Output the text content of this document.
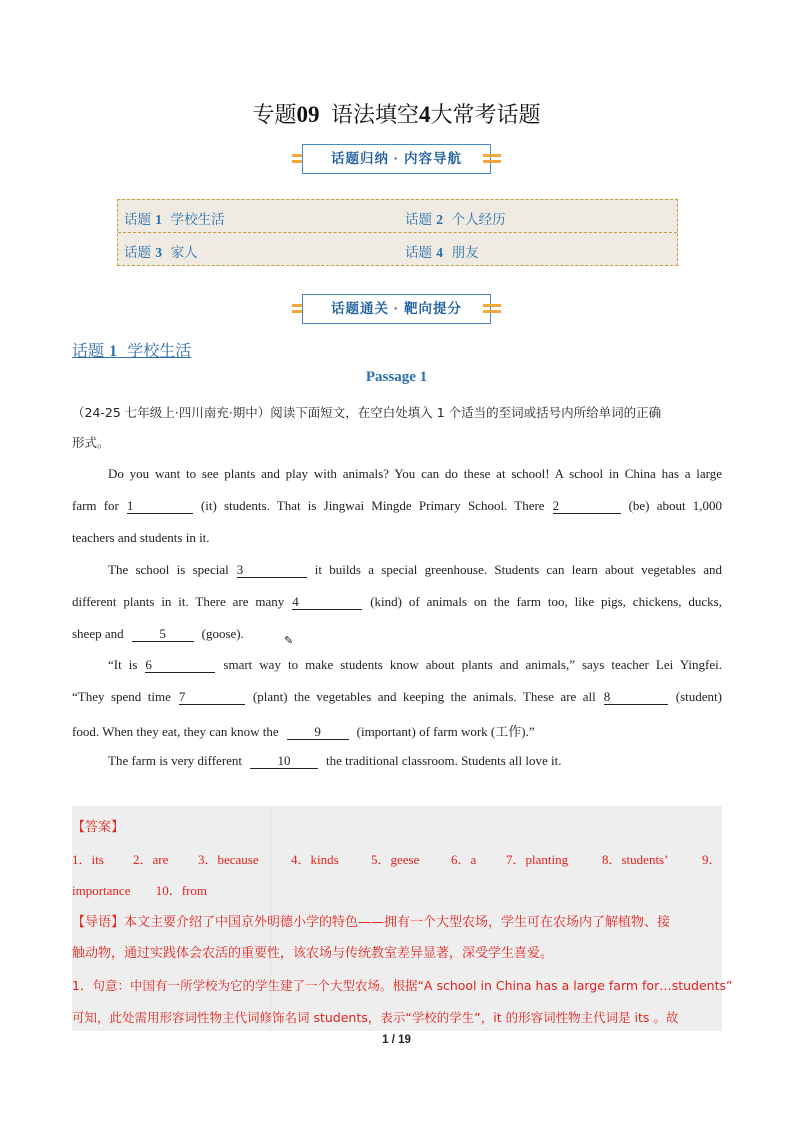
专题09 语法填空4大常考话题
话题归纳 · 内容导航
话题 1 学校生活	话题 2 个人经历
话题 3 家人	话题 4 朋友
话题通关 · 靶向提分
话题 1 学校生活
Passage 1
（24-25 七年级上·四川南充·期中）阅读下面短文，在空白处填入 1 个适当的至词或括号内所给单词的正确
形式。
Do you want to see plants and play with animals? You can do these at school! A school in China has a large
farm for 1	(it) students. That is Jingwai Mingde Primary School. There 2	(be) about 1,000
teachers and students in it.
The school is special 3	it builds a special greenhouse. Students can learn about vegetables and
different plants in it. There are many 4	(kind) of animals on the farm too, like pigs, chickens, ducks,
sheep and	5	(goose).	✎
“It is 6	smart way to make students know about plants and animals,” says teacher Lei Yingfei.
“They spend time 7	(plant) the vegetables and keeping the animals. These are all 8	(student)
food. When they eat, they can know the	9	(important) of farm work (工作).”
The farm is very different	10	the traditional classroom. Students all love it.
【答案】
1．its 2．are 3．because 4．kinds 5．geese 6．a 7．planting	8．students’	9．
importance 10．from
【导语】本文主要介绍了中国京外明德小学的特色——拥有一个大型农场，学生可在农场内了解植物、接
触动物，通过实践体会农活的重要性，该农场与传统教室差异显著，深受学生喜爱。
1．句意：中国有一所学校为它的学生建了一个大型农场。根据“A school in China has a large farm for…students”
可知，此处需用形容词性物主代词修饰名词 students，表示“学校的学生”，it 的形容词性物主代词是 its 。故
1 / 19
